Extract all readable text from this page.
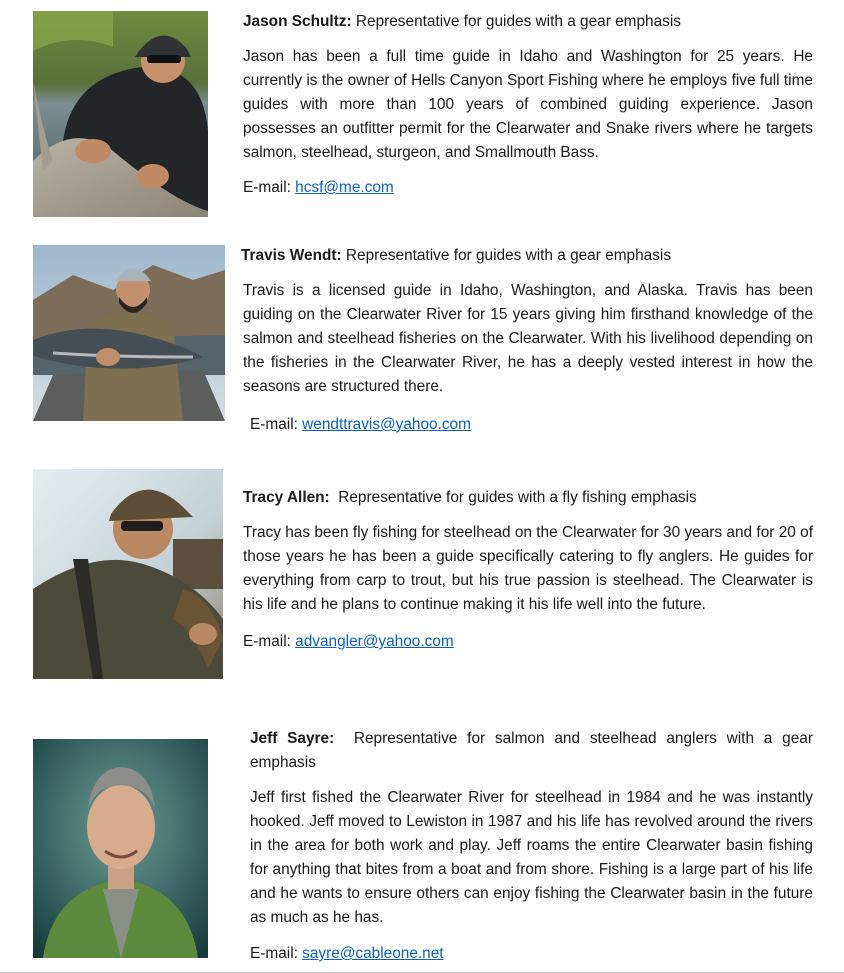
Jason Schultz: Representative for guides with a gear emphasis

Jason has been a full time guide in Idaho and Washington for 25 years. He currently is the owner of Hells Canyon Sport Fishing where he employs five full time guides with more than 100 years of combined guiding experience. Jason possesses an outfitter permit for the Clearwater and Snake rivers where he targets salmon, steelhead, sturgeon, and Smallmouth Bass.

E-mail: hcsf@me.com

Travis Wendt: Representative for guides with a gear emphasis

Travis is a licensed guide in Idaho, Washington, and Alaska. Travis has been guiding on the Clearwater River for 15 years giving him firsthand knowledge of the salmon and steelhead fisheries on the Clearwater. With his livelihood depending on the fisheries in the Clearwater River, he has a deeply vested interest in how the seasons are structured there.

E-mail: wendttravis@yahoo.com

Tracy Allen: Representative for guides with a fly fishing emphasis

Tracy has been fly fishing for steelhead on the Clearwater for 30 years and for 20 of those years he has been a guide specifically catering to fly anglers. He guides for everything from carp to trout, but his true passion is steelhead. The Clearwater is his life and he plans to continue making it his life well into the future.

E-mail: advangler@yahoo.com

Jeff Sayre: Representative for salmon and steelhead anglers with a gear emphasis

Jeff first fished the Clearwater River for steelhead in 1984 and he was instantly hooked. Jeff moved to Lewiston in 1987 and his life has revolved around the rivers in the area for both work and play. Jeff roams the entire Clearwater basin fishing for anything that bites from a boat and from shore. Fishing is a large part of his life and he wants to ensure others can enjoy fishing the Clearwater basin in the future as much as he has.

E-mail: sayre@cableone.net
